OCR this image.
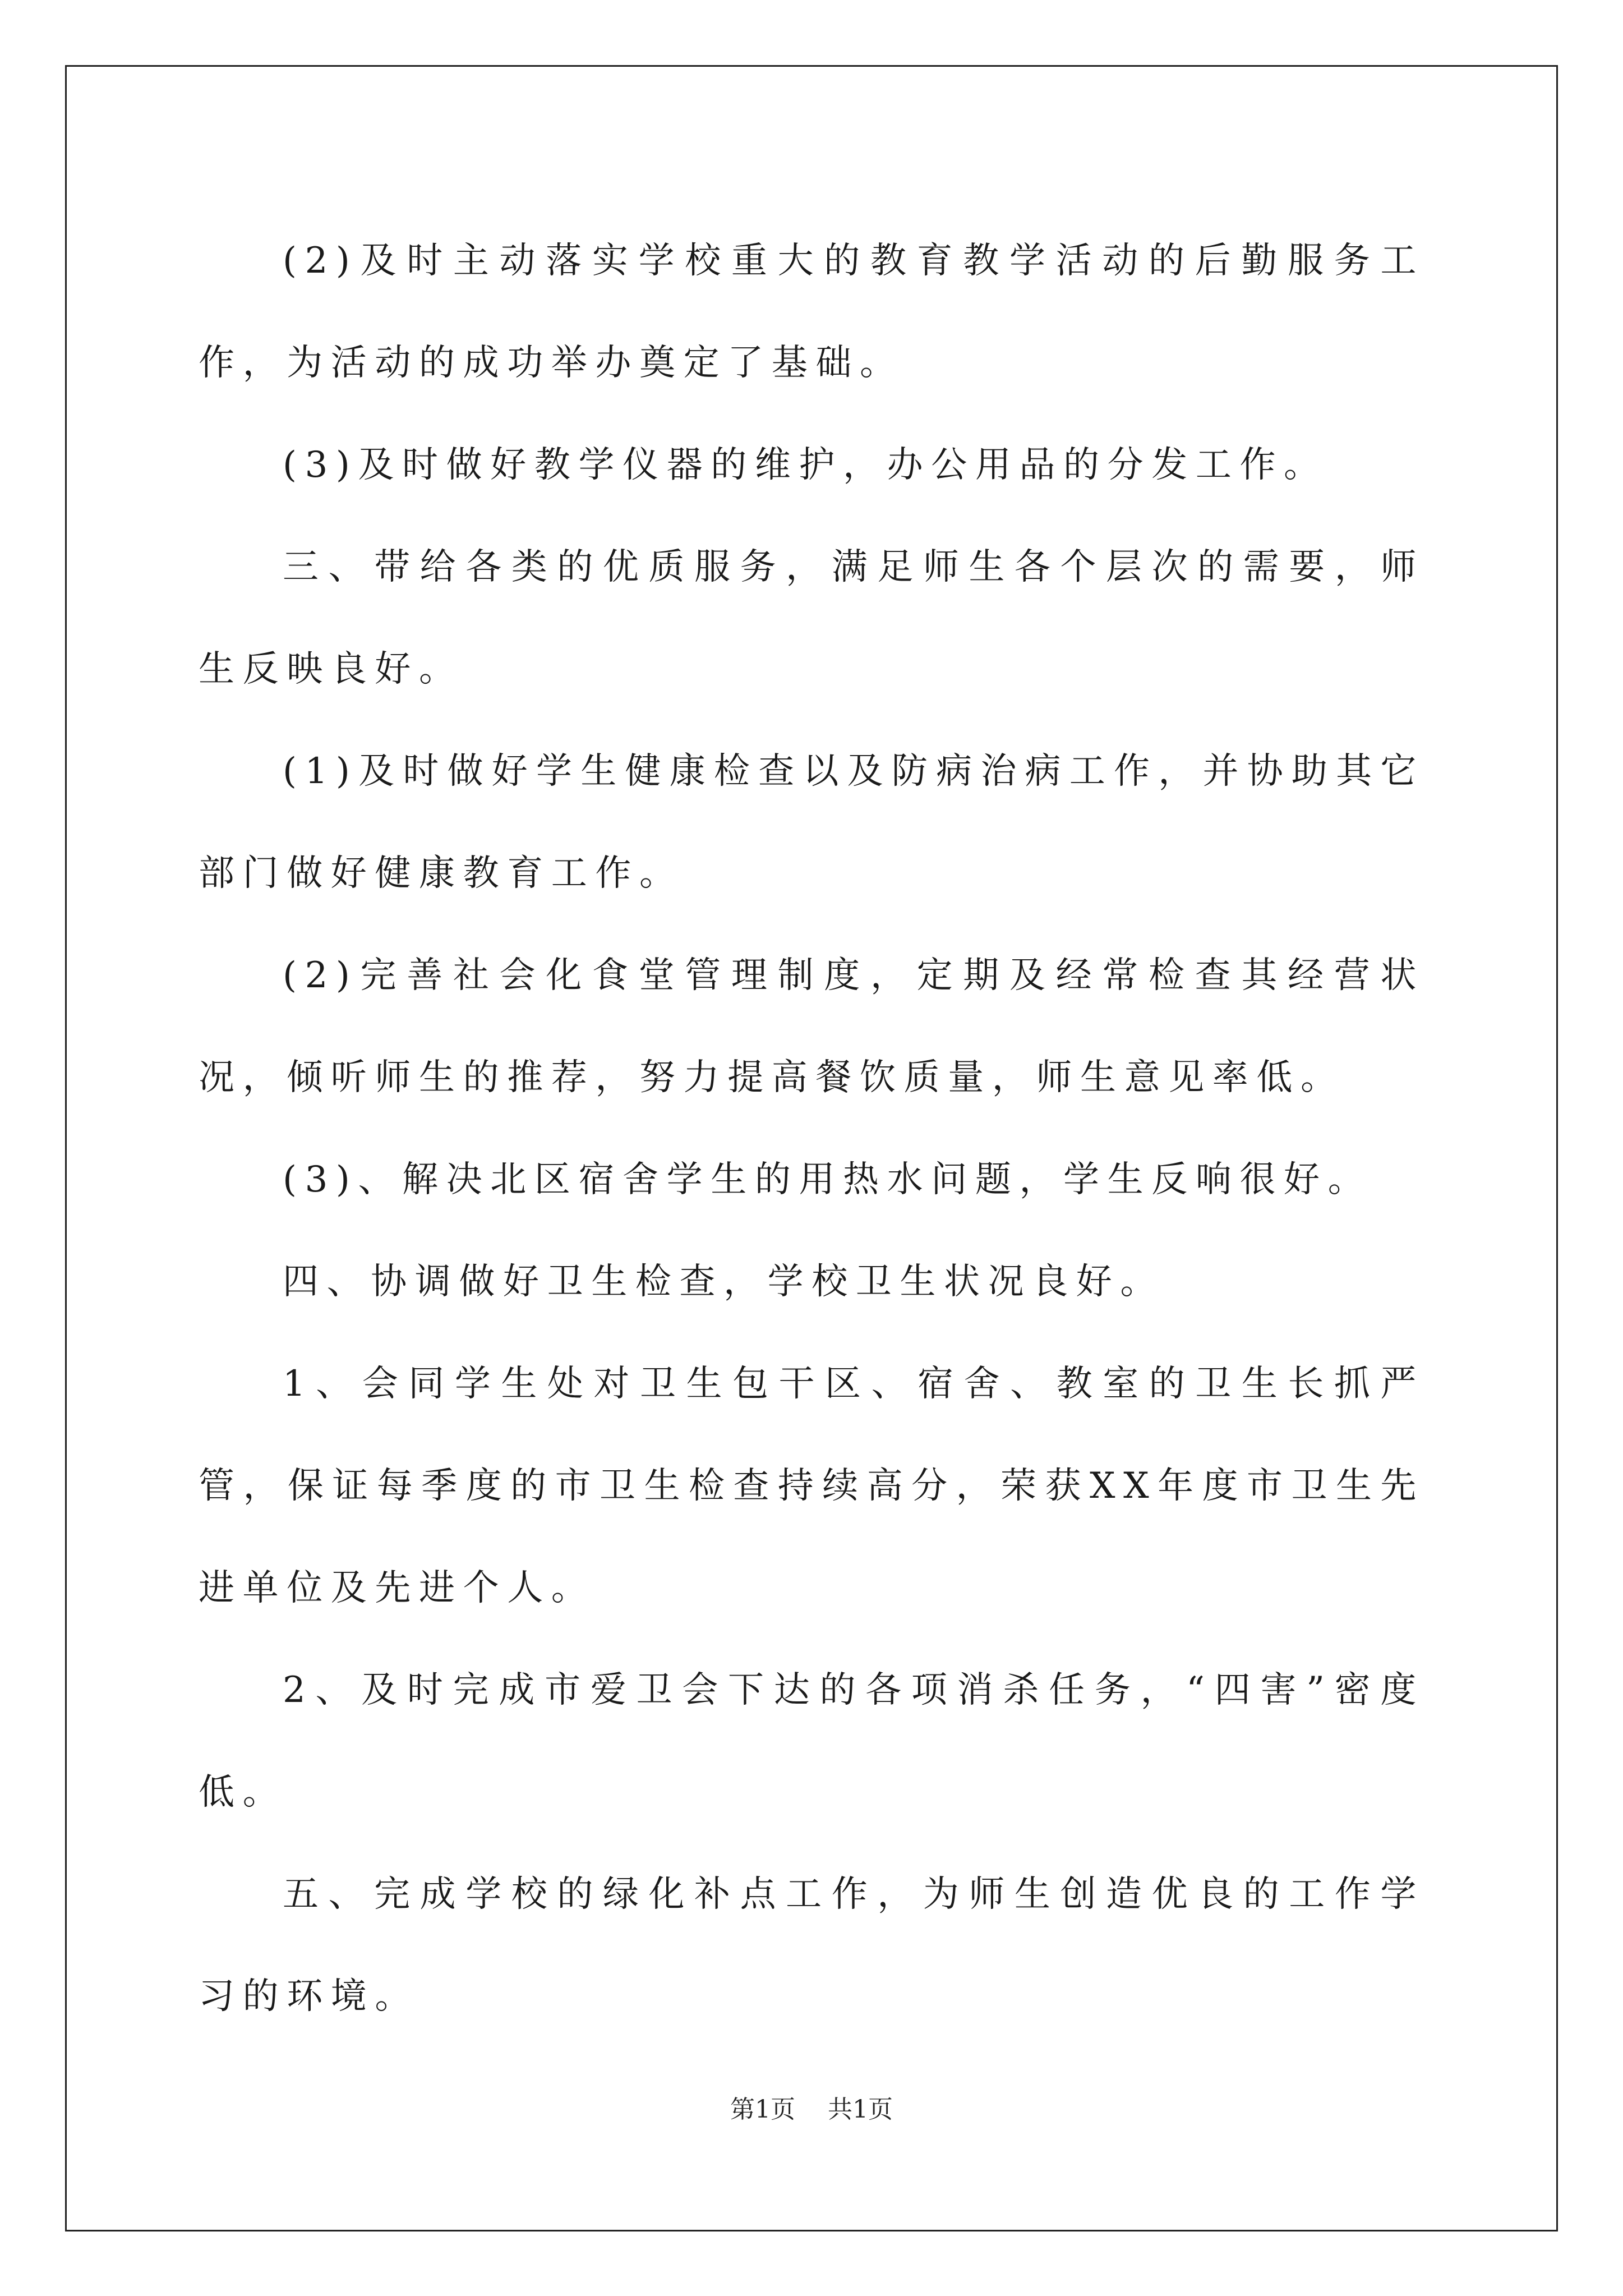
(2)及时主动落实学校重大的教育教学活动的后勤服务工作，为活动的成功举办奠定了基础。

(3)及时做好教学仪器的维护，办公用品的分发工作。

三、带给各类的优质服务，满足师生各个层次的需要，师生反映良好。

(1)及时做好学生健康检查以及防病治病工作，并协助其它部门做好健康教育工作。

(2)完善社会化食堂管理制度，定期及经常检查其经营状况，倾听师生的推荐，努力提高餐饮质量，师生意见率低。

(3)、解决北区宿舍学生的用热水问题，学生反响很好。

四、协调做好卫生检查，学校卫生状况良好。

1、会同学生处对卫生包干区、宿舍、教室的卫生长抓严管，保证每季度的市卫生检查持续高分，荣获XX年度市卫生先进单位及先进个人。

2、及时完成市爱卫会下达的各项消杀任务，“四害”密度低。

五、完成学校的绿化补点工作，为师生创造优良的工作学习的环境。

第1页 共1页
